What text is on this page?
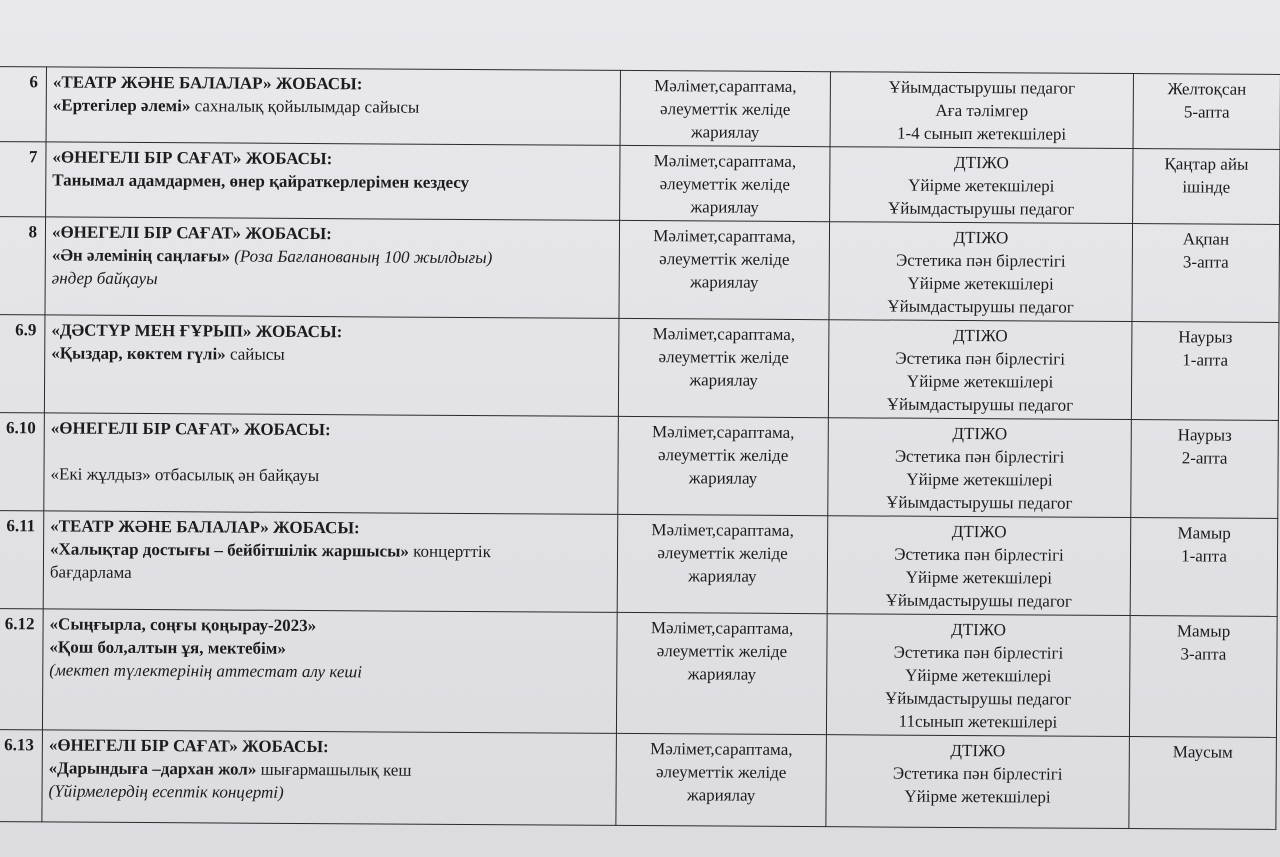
6	«ТЕАТР ЖӘНЕ БАЛАЛАР» ЖОБАСЫ:
«Ертегілер әлемі» сахналық қойылымдар сайысы	Мәлімет,сараптама,
әлеуметтік желіде
жариялау	Ұйымдастырушы педагог
Аға тәлімгер
1-4 сынып жетекшілері	Желтоқсан
5-апта

7	«ӨНЕГЕЛІ БІР САҒАТ» ЖОБАСЫ:
Танымал адамдармен, өнер қайраткерлерімен кездесу	Мәлімет,сараптама,
әлеуметтік желіде
жариялау	ДТІЖО
Үйірме жетекшілері
Ұйымдастырушы педагог	Қаңтар айы
ішінде

8	«ӨНЕГЕЛІ БІР САҒАТ» ЖОБАСЫ:
«Ән әлемінің саңлағы» (Роза Бағланованың 100 жылдығы)
әндер байқауы	Мәлімет,сараптама,
әлеуметтік желіде
жариялау	ДТІЖО
Эстетика пән бірлестігі
Үйірме жетекшілері
Ұйымдастырушы педагог	Ақпан
3-апта

6.9	«ДӘСТҮР МЕН ҒҰРЫП» ЖОБАСЫ:
«Қыздар, көктем гүлі» сайысы	Мәлімет,сараптама,
әлеуметтік желіде
жариялау	ДТІЖО
Эстетика пән бірлестігі
Үйірме жетекшілері
Ұйымдастырушы педагог	Наурыз
1-апта

6.10	«ӨНЕГЕЛІ БІР САҒАТ» ЖОБАСЫ:
«Екі жұлдыз» отбасылық ән байқауы	Мәлімет,сараптама,
әлеуметтік желіде
жариялау	ДТІЖО
Эстетика пән бірлестігі
Үйірме жетекшілері
Ұйымдастырушы педагог	Наурыз
2-апта

6.11	«ТЕАТР ЖӘНЕ БАЛАЛАР» ЖОБАСЫ:
«Халықтар достығы – бейбітшілік жаршысы» концерттік
бағдарлама	Мәлімет,сараптама,
әлеуметтік желіде
жариялау	ДТІЖО
Эстетика пән бірлестігі
Үйірме жетекшілері
Ұйымдастырушы педагог	Мамыр
1-апта

6.12	«Сыңғырла, соңғы қоңырау-2023»
«Қош бол,алтын ұя, мектебім»
(мектеп түлектерінің аттестат алу кеші	Мәлімет,сараптама,
әлеуметтік желіде
жариялау	ДТІЖО
Эстетика пән бірлестігі
Үйірме жетекшілері
Ұйымдастырушы педагог
11сынып жетекшілері	Мамыр
3-апта

6.13	«ӨНЕГЕЛІ БІР САҒАТ» ЖОБАСЫ:
«Дарындыға –дархан жол» шығармашылық кеш
(Үйірмелердің есептік концерті)	Мәлімет,сараптама,
әлеуметтік желіде
жариялау	ДТІЖО
Эстетика пән бірлестігі
Үйірме жетекшілері	Маусым
